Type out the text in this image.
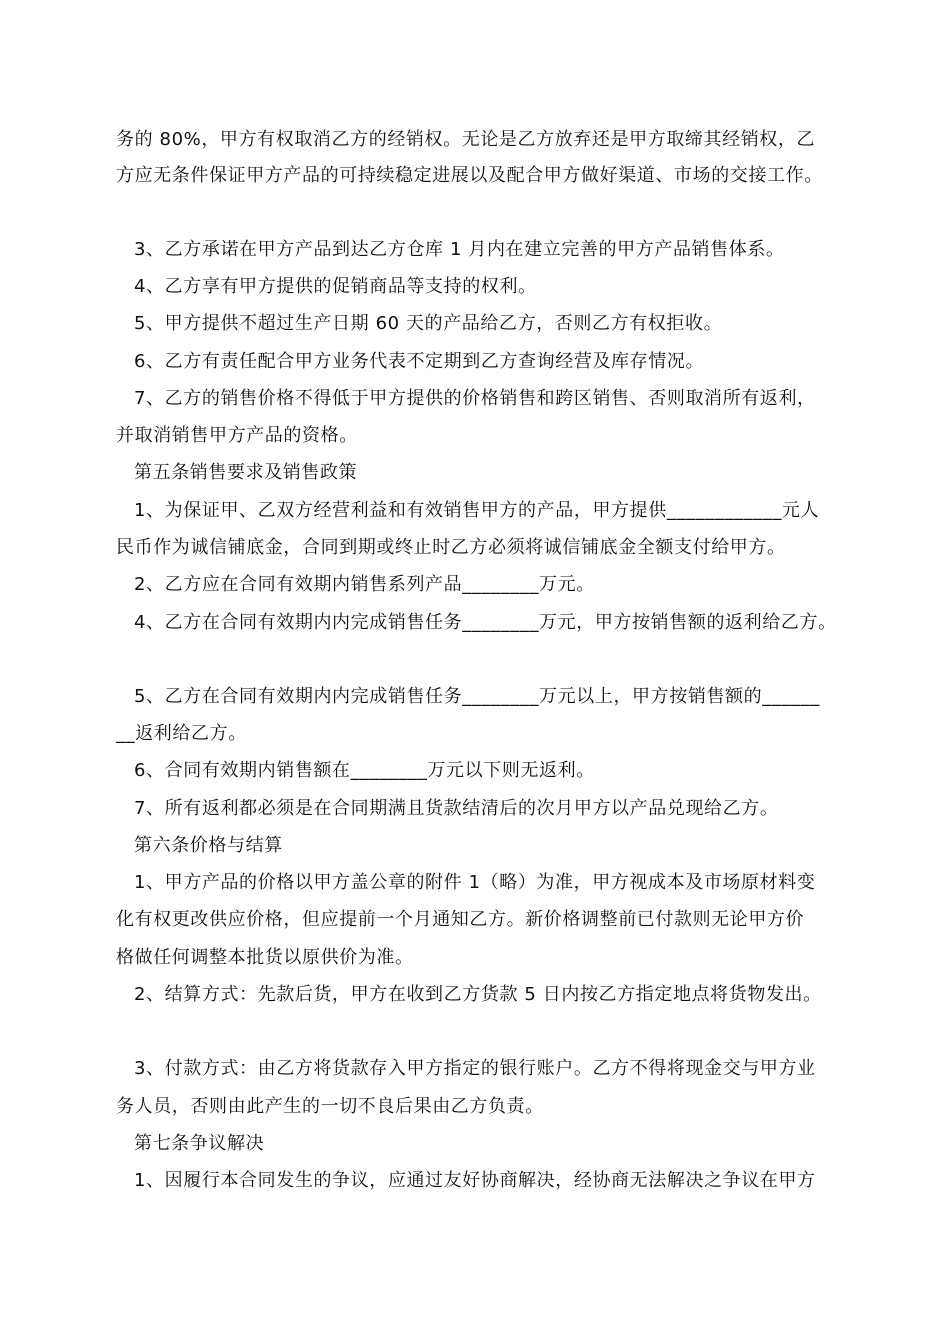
务的 80%，甲方有权取消乙方的经销权。无论是乙方放弃还是甲方取缔其经销权，乙
方应无条件保证甲方产品的可持续稳定进展以及配合甲方做好渠道、市场的交接工作。
3、乙方承诺在甲方产品到达乙方仓库 1 月内在建立完善的甲方产品销售体系。
4、乙方享有甲方提供的促销商品等支持的权利。
5、甲方提供不超过生产日期 60 天的产品给乙方，否则乙方有权拒收。
6、乙方有责任配合甲方业务代表不定期到乙方查询经营及库存情况。
7、乙方的销售价格不得低于甲方提供的价格销售和跨区销售、否则取消所有返利，
并取消销售甲方产品的资格。
第五条销售要求及销售政策
1、为保证甲、乙双方经营利益和有效销售甲方的产品，甲方提供____________元人
民币作为诚信铺底金，合同到期或终止时乙方必须将诚信铺底金全额支付给甲方。
2、乙方应在合同有效期内销售系列产品________万元。
4、乙方在合同有效期内内完成销售任务________万元，甲方按销售额的返利给乙方。
5、乙方在合同有效期内内完成销售任务________万元以上，甲方按销售额的______
__返利给乙方。
6、合同有效期内销售额在________万元以下则无返利。
7、所有返利都必须是在合同期满且货款结清后的次月甲方以产品兑现给乙方。
第六条价格与结算
1、甲方产品的价格以甲方盖公章的附件 1（略）为准，甲方视成本及市场原材料变
化有权更改供应价格，但应提前一个月通知乙方。新价格调整前已付款则无论甲方价
格做任何调整本批货以原供价为准。
2、结算方式：先款后货，甲方在收到乙方货款 5 日内按乙方指定地点将货物发出。
3、付款方式：由乙方将货款存入甲方指定的银行账户。乙方不得将现金交与甲方业
务人员，否则由此产生的一切不良后果由乙方负责。
第七条争议解决
1、因履行本合同发生的争议，应通过友好协商解决，经协商无法解决之争议在甲方
